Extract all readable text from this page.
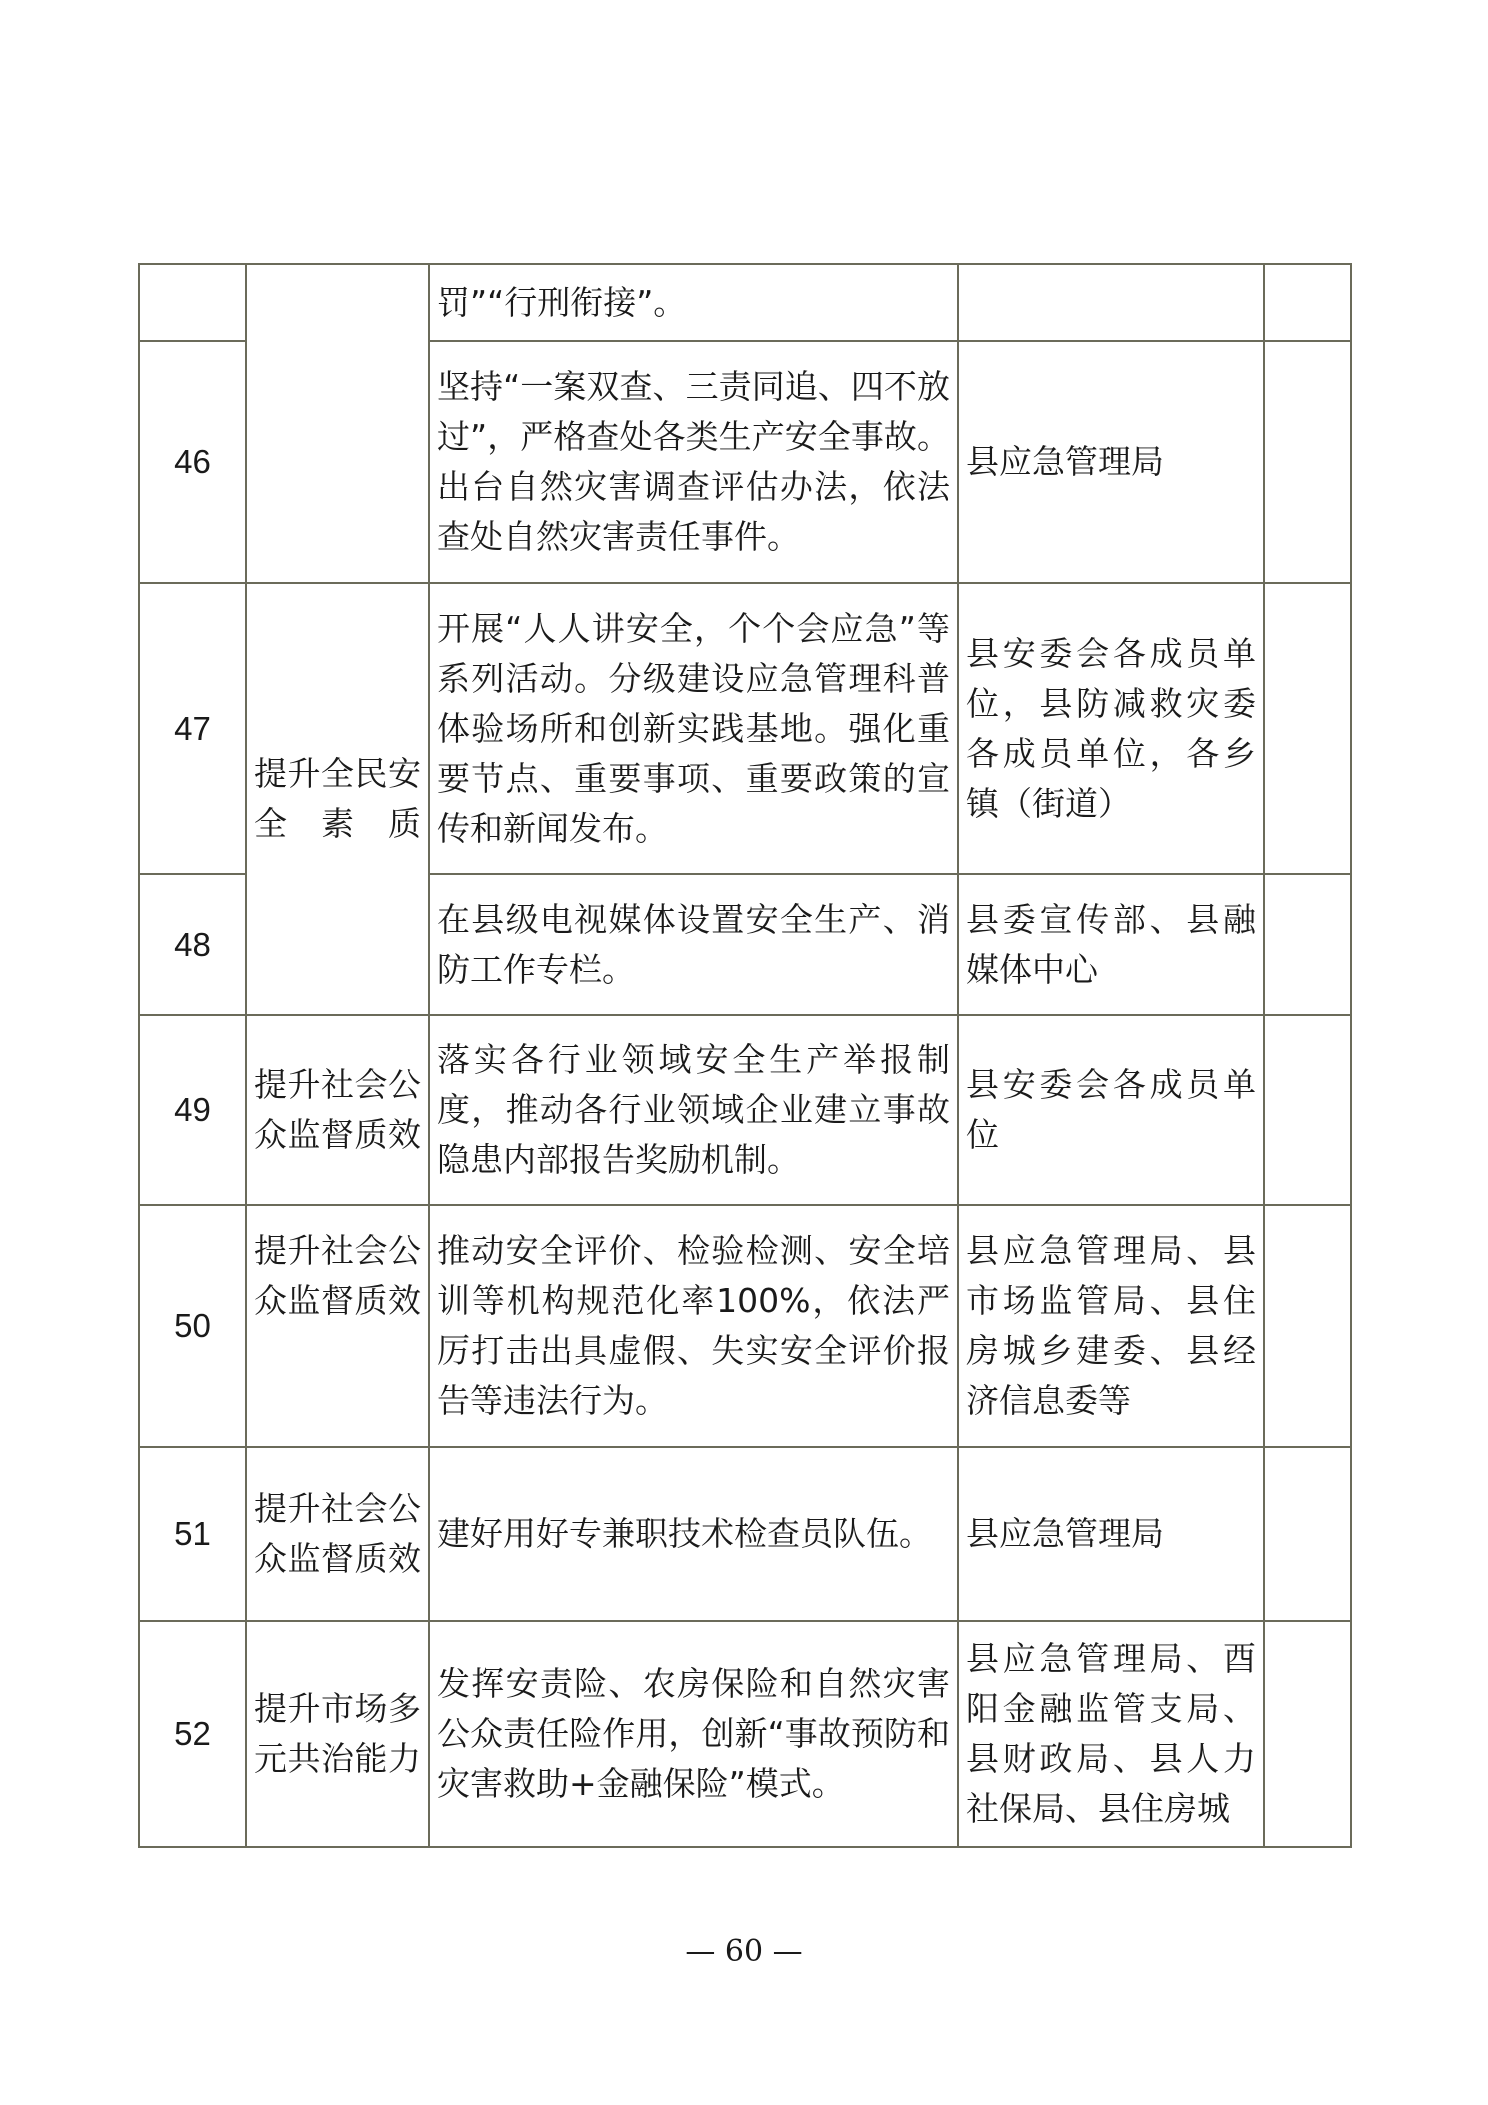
		罚”“行刑衔接”。		
46		坚持“一案双查、三责同追、四不放过”，严格查处各类生产安全事故。出台自然灾害调查评估办法，依法查处自然灾害责任事件。	县应急管理局	
47	提升全民安全素质	开展“人人讲安全，个个会应急”等系列活动。分级建设应急管理科普体验场所和创新实践基地。强化重要节点、重要事项、重要政策的宣传和新闻发布。	县安委会各成员单位，县防减救灾委各成员单位，各乡镇（街道）	
48		在县级电视媒体设置安全生产、消防工作专栏。	县委宣传部、县融媒体中心	
49	提升社会公众监督质效	落实各行业领域安全生产举报制度，推动各行业领域企业建立事故隐患内部报告奖励机制。	县安委会各成员单位	
50	提升社会公众监督质效	推动安全评价、检验检测、安全培训等机构规范化率100%，依法严厉打击出具虚假、失实安全评价报告等违法行为。	县应急管理局、县市场监管局、县住房城乡建委、县经济信息委等	
51	提升社会公众监督质效	建好用好专兼职技术检查员队伍。	县应急管理局	
52	提升市场多元共治能力	发挥安责险、农房保险和自然灾害公众责任险作用，创新“事故预防和灾害救助+金融保险”模式。	县应急管理局、酉阳金融监管支局、县财政局、县人力社保局、县住房城	
— 60 —
